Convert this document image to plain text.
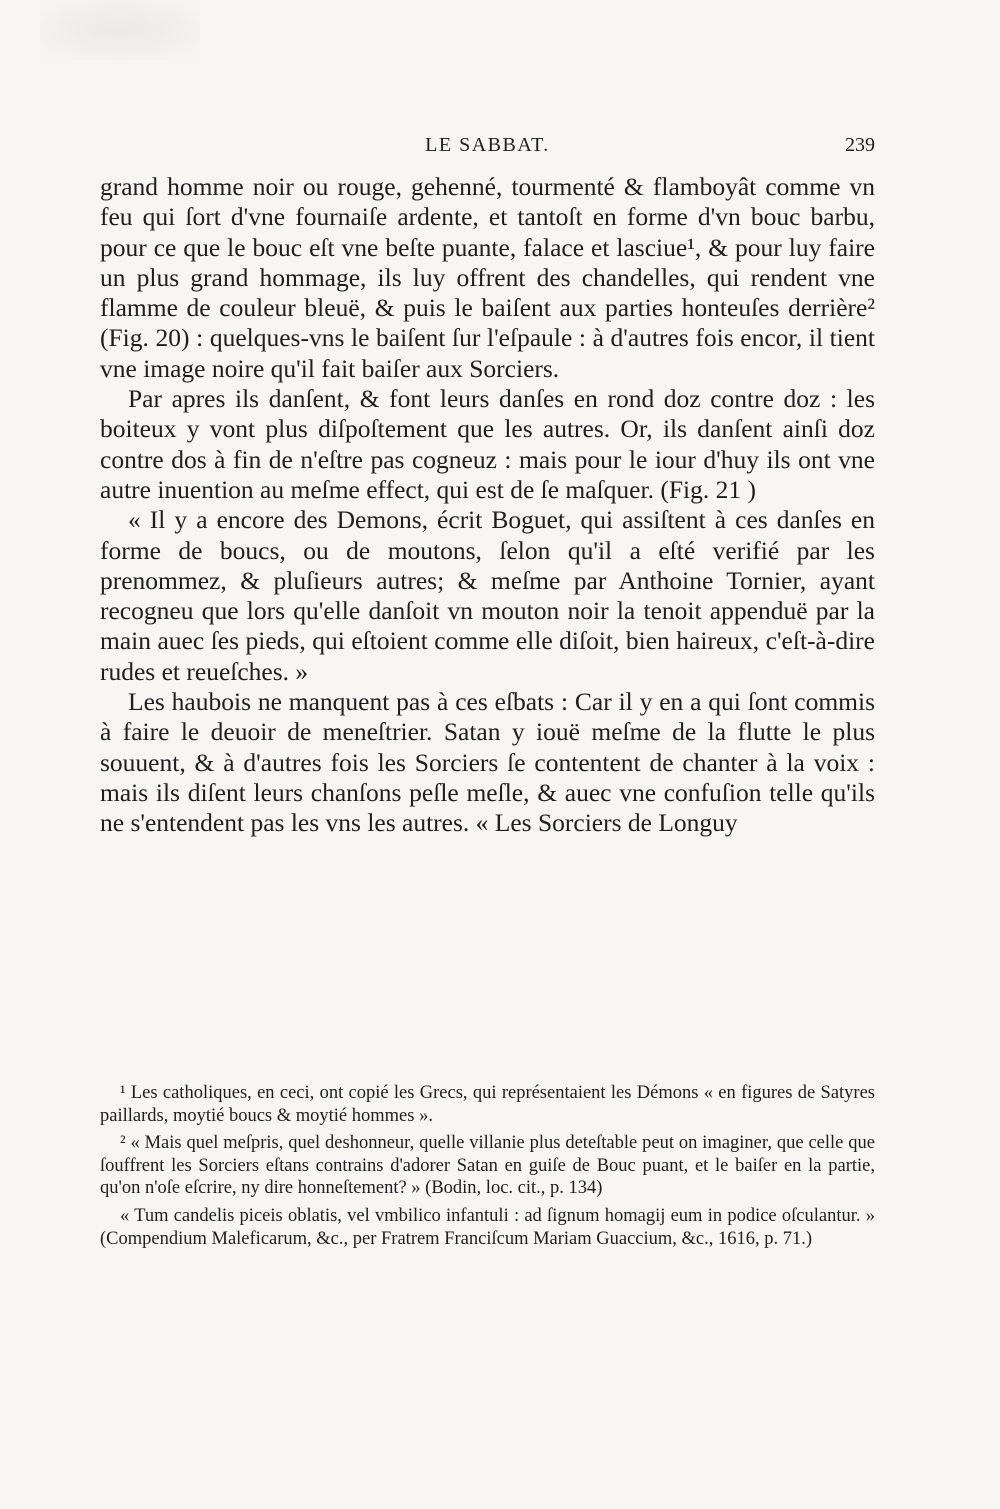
LE SABBAT.	239

grand homme noir ou rouge, gehenné, tourmenté & flamboyât comme vn feu qui ſort d'vne fournaiſe ardente, et tantoſt en forme d'vn bouc barbu, pour ce que le bouc eſt vne beſte puante, falace et lasciue¹, & pour luy faire un plus grand hommage, ils luy offrent des chandelles, qui rendent vne flamme de couleur bleuë, & puis le baiſent aux parties honteuſes derrière² (Fig. 20) : quelques-vns le baiſent ſur l'eſpaule : à d'autres fois encor, il tient vne image noire qu'il fait baiſer aux Sorciers.

Par apres ils danſent, & font leurs danſes en rond doz contre doz : les boiteux y vont plus diſpoſtement que les autres. Or, ils danſent ainſi doz contre dos à fin de n'eſtre pas cogneuz : mais pour le iour d'huy ils ont vne autre inuention au meſme effect, qui est de ſe maſquer. (Fig. 21 )

« Il y a encore des Demons, écrit Boguet, qui assiſtent à ces danſes en forme de boucs, ou de moutons, ſelon qu'il a eſté verifié par les prenommez, & pluſieurs autres; & meſme par Anthoine Tornier, ayant recogneu que lors qu'elle danſoit vn mouton noir la tenoit appenduë par la main auec ſes pieds, qui eſtoient comme elle diſoit, bien haireux, c'eſt-à-dire rudes et reueſches. »

Les haubois ne manquent pas à ces eſbats : Car il y en a qui ſont commis à faire le deuoir de meneſtrier. Satan y iouë meſme de la flutte le plus souuent, & à d'autres fois les Sorciers ſe contentent de chanter à la voix : mais ils diſent leurs chanſons peſle meſle, & auec vne confuſion telle qu'ils ne s'entendent pas les vns les autres. « Les Sorciers de Longuy

¹ Les catholiques, en ceci, ont copié les Grecs, qui représentaient les Démons « en figures de Satyres paillards, moytié boucs & moytié hommes ».

² « Mais quel meſpris, quel deshonneur, quelle villanie plus deteſtable peut on imaginer, que celle que ſouffrent les Sorciers eſtans contrains d'adorer Satan en guiſe de Bouc puant, et le baiſer en la partie, qu'on n'oſe eſcrire, ny dire honneſtement? » (Bodin, loc. cit., p. 134)

« Tum candelis piceis oblatis, vel vmbilico infantuli : ad ſignum homagij eum in podice oſculantur. » (Compendium Maleficarum, &c., per Fratrem Franciſcum Mariam Guaccium, &c., 1616, p. 71.)
